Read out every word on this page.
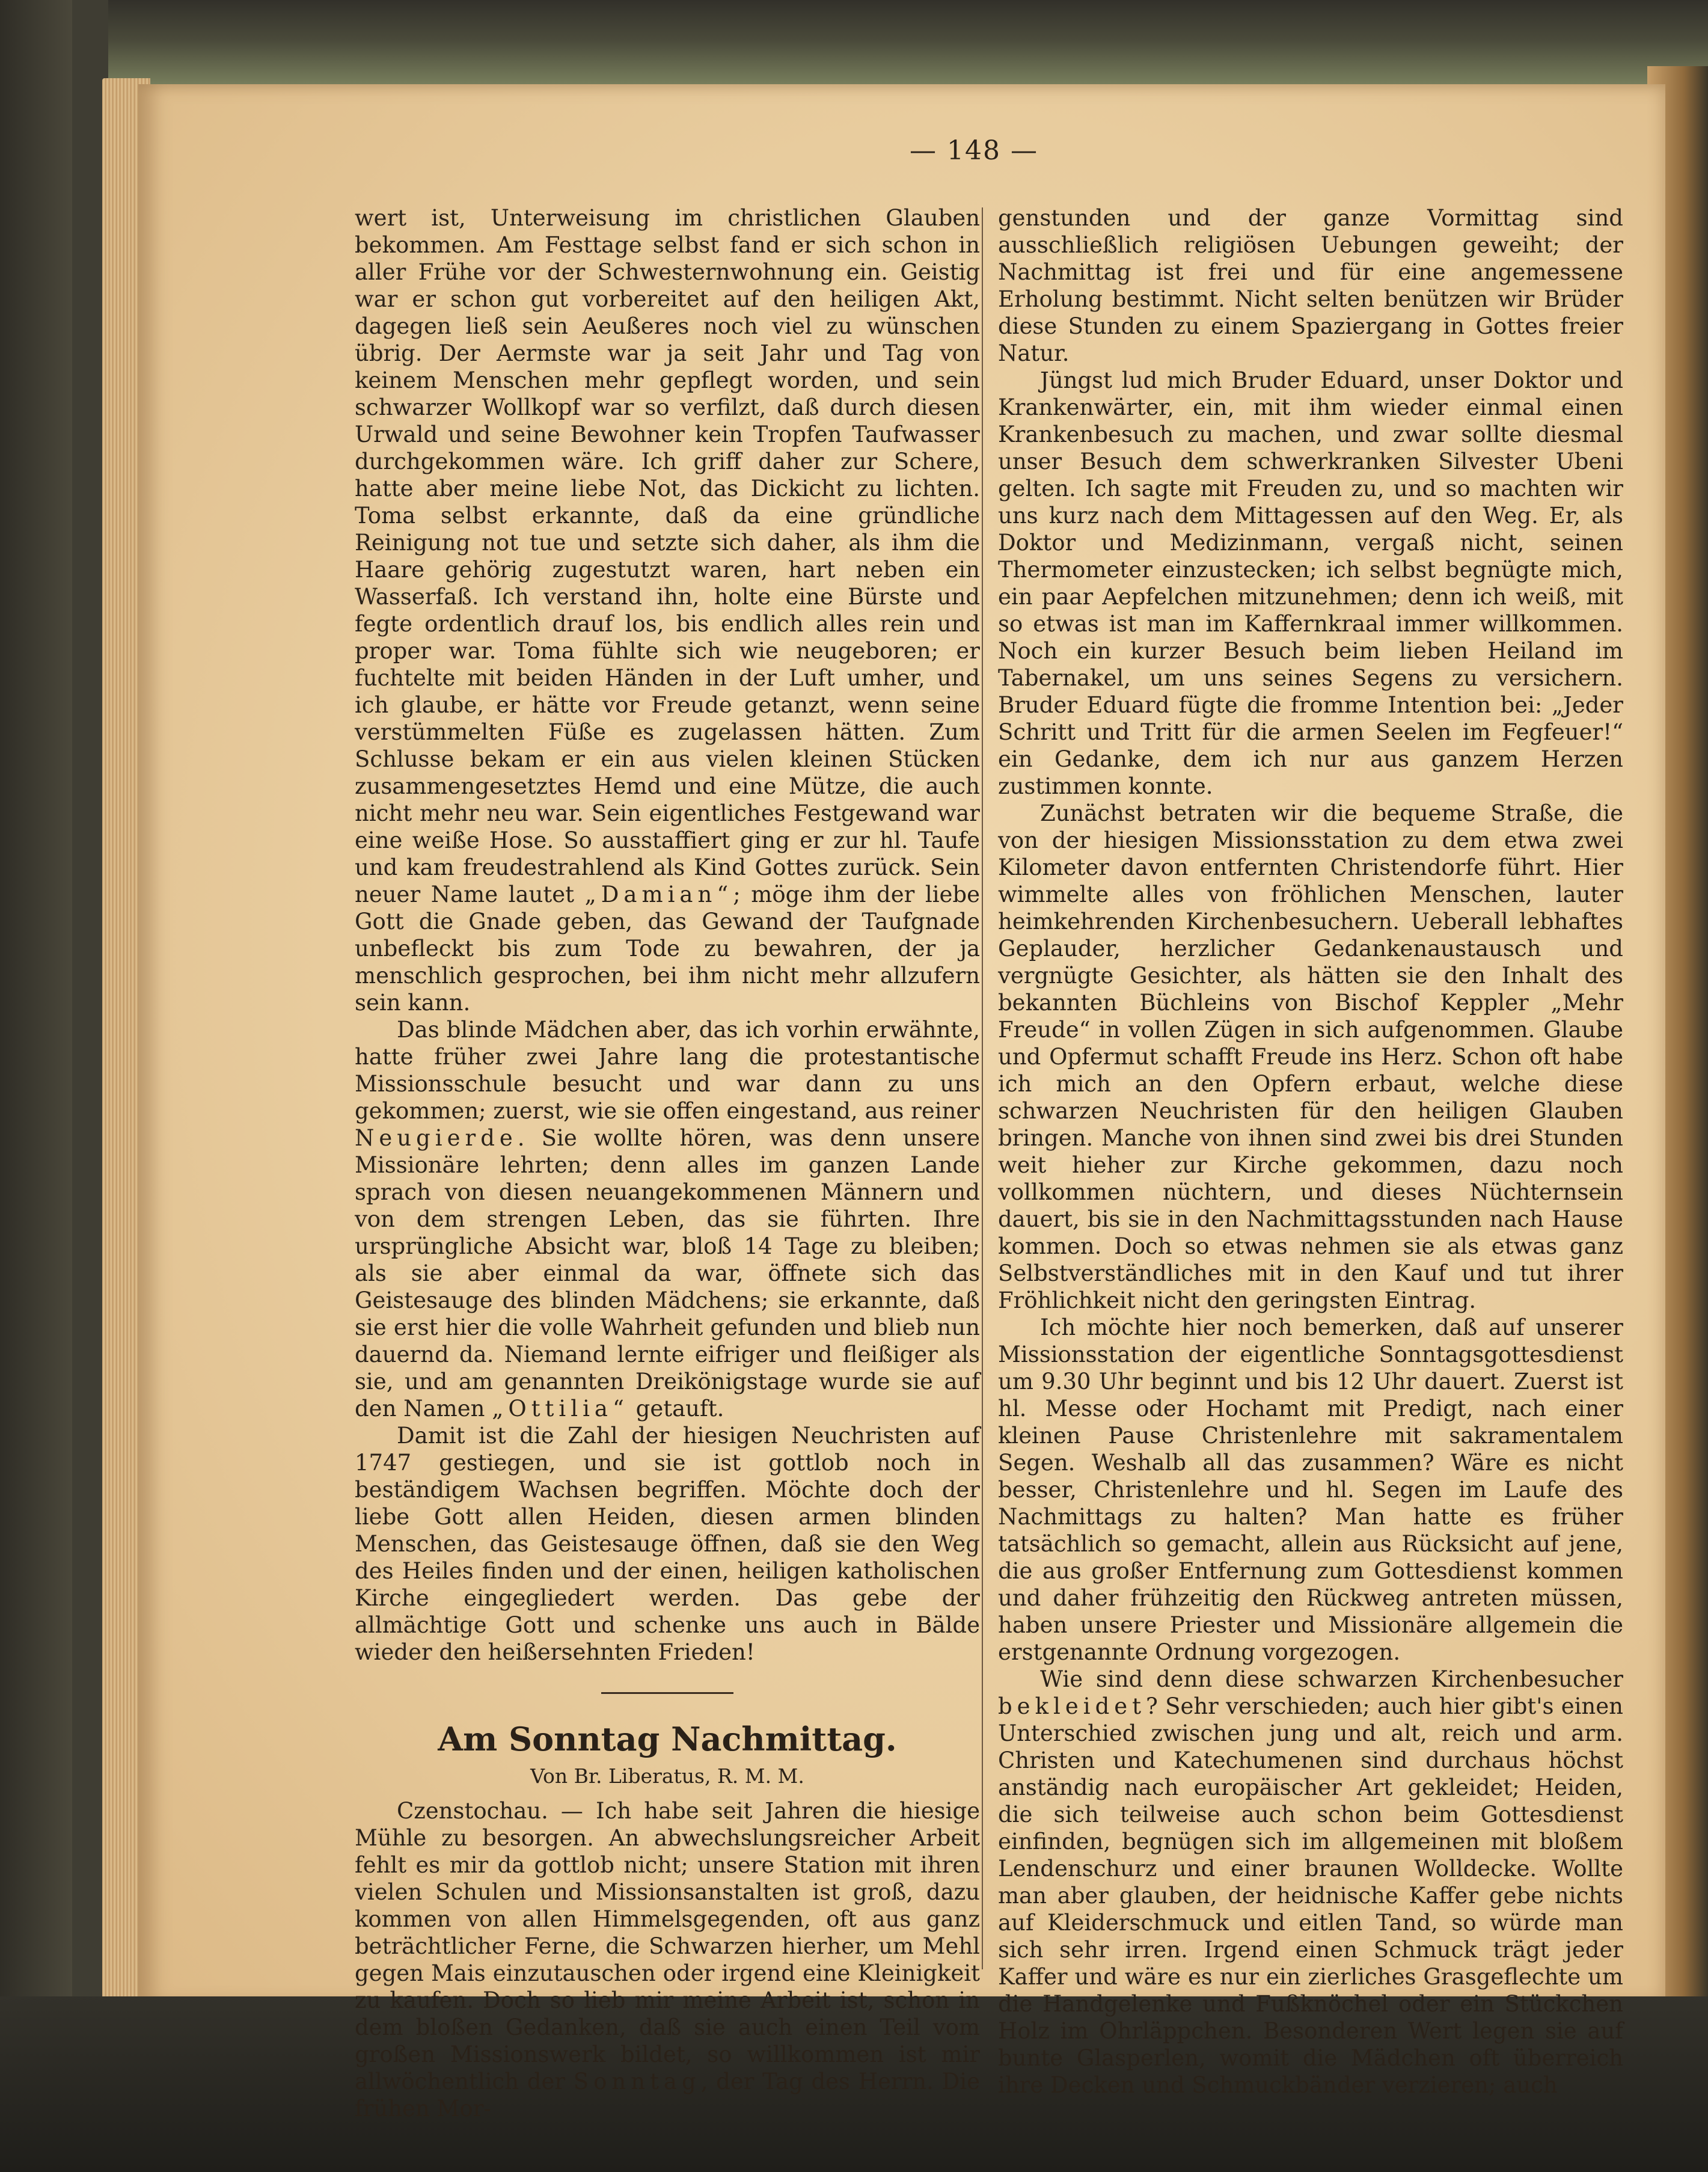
— 148 —

wert ist, Unterweisung im christlichen Glauben bekommen. Am Festtage selbst fand er sich schon in aller Frühe vor der Schwesternwohnung ein. Geistig war er schon gut vorbereitet auf den heiligen Akt, dagegen ließ sein Aeußeres noch viel zu wünschen übrig. Der Aermste war ja seit Jahr und Tag von keinem Menschen mehr gepflegt worden, und sein schwarzer Wollkopf war so verfilzt, daß durch diesen Urwald und seine Bewohner kein Tropfen Taufwasser durchgekommen wäre. Ich griff daher zur Schere, hatte aber meine liebe Not, das Dickicht zu lichten. Toma selbst erkannte, daß da eine gründliche Reinigung not tue und setzte sich daher, als ihm die Haare gehörig zugestutzt waren, hart neben ein Wasserfaß. Ich verstand ihn, holte eine Bürste und fegte ordentlich drauf los, bis endlich alles rein und proper war. Toma fühlte sich wie neugeboren; er fuchtelte mit beiden Händen in der Luft umher, und ich glaube, er hätte vor Freude getanzt, wenn seine verstümmelten Füße es zugelassen hätten. Zum Schlusse bekam er ein aus vielen kleinen Stücken zusammengesetztes Hemd und eine Mütze, die auch nicht mehr neu war. Sein eigentliches Festgewand war eine weiße Hose. So ausstaffiert ging er zur hl. Taufe und kam freudestrahlend als Kind Gottes zurück. Sein neuer Name lautet „Damian“; möge ihm der liebe Gott die Gnade geben, das Gewand der Taufgnade unbefleckt bis zum Tode zu bewahren, der ja menschlich gesprochen, bei ihm nicht mehr allzufern sein kann.

Das blinde Mädchen aber, das ich vorhin erwähnte, hatte früher zwei Jahre lang die protestantische Missionsschule besucht und war dann zu uns gekommen; zuerst, wie sie offen eingestand, aus reiner Neugierde. Sie wollte hören, was denn unsere Missionäre lehrten; denn alles im ganzen Lande sprach von diesen neuangekommenen Männern und von dem strengen Leben, das sie führten. Ihre ursprüngliche Absicht war, bloß 14 Tage zu bleiben; als sie aber einmal da war, öffnete sich das Geistesauge des blinden Mädchens; sie erkannte, daß sie erst hier die volle Wahrheit gefunden und blieb nun dauernd da. Niemand lernte eifriger und fleißiger als sie, und am genannten Dreikönigstage wurde sie auf den Namen „Ottilia“ getauft.

Damit ist die Zahl der hiesigen Neuchristen auf 1747 gestiegen, und sie ist gottlob noch in beständigem Wachsen begriffen. Möchte doch der liebe Gott allen Heiden, diesen armen blinden Menschen, das Geistesauge öffnen, daß sie den Weg des Heiles finden und der einen, heiligen katholischen Kirche eingegliedert werden. Das gebe der allmächtige Gott und schenke uns auch in Bälde wieder den heißersehnten Frieden!

Am Sonntag Nachmittag.
Von Br. Liberatus, R. M. M.

Czenstochau. — Ich habe seit Jahren die hiesige Mühle zu besorgen. An abwechslungsreicher Arbeit fehlt es mir da gottlob nicht; unsere Station mit ihren vielen Schulen und Missionsanstalten ist groß, dazu kommen von allen Himmelsgegenden, oft aus ganz beträchtlicher Ferne, die Schwarzen hierher, um Mehl gegen Mais einzutauschen oder irgend eine Kleinigkeit zu kaufen. Doch so lieb mir meine Arbeit ist, schon in dem bloßen Gedanken, daß sie auch einen Teil vom großen Missionswerk bildet, so willkommen ist mir allwöchentlich der Sonntag, der Tag des Herrn. Die frühen Mor-

genstunden und der ganze Vormittag sind ausschließlich religiösen Uebungen geweiht; der Nachmittag ist frei und für eine angemessene Erholung bestimmt. Nicht selten benützen wir Brüder diese Stunden zu einem Spaziergang in Gottes freier Natur.

Jüngst lud mich Bruder Eduard, unser Doktor und Krankenwärter, ein, mit ihm wieder einmal einen Krankenbesuch zu machen, und zwar sollte diesmal unser Besuch dem schwerkranken Silvester Ubeni gelten. Ich sagte mit Freuden zu, und so machten wir uns kurz nach dem Mittagessen auf den Weg. Er, als Doktor und Medizinmann, vergaß nicht, seinen Thermometer einzustecken; ich selbst begnügte mich, ein paar Aepfelchen mitzunehmen; denn ich weiß, mit so etwas ist man im Kaffernkraal immer willkommen. Noch ein kurzer Besuch beim lieben Heiland im Tabernakel, um uns seines Segens zu versichern. Bruder Eduard fügte die fromme Intention bei: „Jeder Schritt und Tritt für die armen Seelen im Fegfeuer!“ ein Gedanke, dem ich nur aus ganzem Herzen zustimmen konnte.

Zunächst betraten wir die bequeme Straße, die von der hiesigen Missionsstation zu dem etwa zwei Kilometer davon entfernten Christendorfe führt. Hier wimmelte alles von fröhlichen Menschen, lauter heimkehrenden Kirchenbesuchern. Ueberall lebhaftes Geplauder, herzlicher Gedankenaustausch und vergnügte Gesichter, als hätten sie den Inhalt des bekannten Büchleins von Bischof Keppler „Mehr Freude“ in vollen Zügen in sich aufgenommen. Glaube und Opfermut schafft Freude ins Herz. Schon oft habe ich mich an den Opfern erbaut, welche diese schwarzen Neuchristen für den heiligen Glauben bringen. Manche von ihnen sind zwei bis drei Stunden weit hieher zur Kirche gekommen, dazu noch vollkommen nüchtern, und dieses Nüchternsein dauert, bis sie in den Nachmittagsstunden nach Hause kommen. Doch so etwas nehmen sie als etwas ganz Selbstverständliches mit in den Kauf und tut ihrer Fröhlichkeit nicht den geringsten Eintrag.

Ich möchte hier noch bemerken, daß auf unserer Missionsstation der eigentliche Sonntagsgottesdienst um 9.30 Uhr beginnt und bis 12 Uhr dauert. Zuerst ist hl. Messe oder Hochamt mit Predigt, nach einer kleinen Pause Christenlehre mit sakramentalem Segen. Weshalb all das zusammen? Wäre es nicht besser, Christenlehre und hl. Segen im Laufe des Nachmittags zu halten? Man hatte es früher tatsächlich so gemacht, allein aus Rücksicht auf jene, die aus großer Entfernung zum Gottesdienst kommen und daher frühzeitig den Rückweg antreten müssen, haben unsere Priester und Missionäre allgemein die erstgenannte Ordnung vorgezogen.

Wie sind denn diese schwarzen Kirchenbesucher bekleidet? Sehr verschieden; auch hier gibt's einen Unterschied zwischen jung und alt, reich und arm. Christen und Katechumenen sind durchaus höchst anständig nach europäischer Art gekleidet; Heiden, die sich teilweise auch schon beim Gottesdienst einfinden, begnügen sich im allgemeinen mit bloßem Lendenschurz und einer braunen Wolldecke. Wollte man aber glauben, der heidnische Kaffer gebe nichts auf Kleiderschmuck und eitlen Tand, so würde man sich sehr irren. Irgend einen Schmuck trägt jeder Kaffer und wäre es nur ein zierliches Grasgeflechte um die Handgelenke und Fußknöchel oder ein Stückchen Holz im Ohrläppchen. Besonderen Wert legen sie auf bunte Glasperlen, womit die Mädchen oft überreich ihre Decken und Schmuckbänder verzieren; auch
